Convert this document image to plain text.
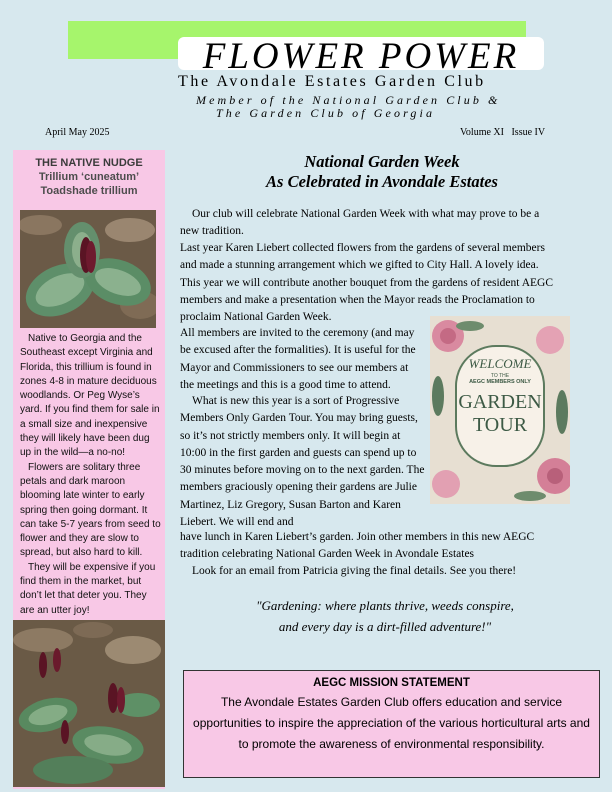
FLOWER POWER
The Avondale Estates Garden Club
Member of the National Garden Club &
The Garden Club of Georgia
April May 2025	Volume XI   Issue IV
THE NATIVE NUDGE
Trillium ‘cuneatum’
Toadshade trillium

Native to Georgia and the Southeast except Virginia and Florida, this trillium is found in zones 4-8 in mature deciduous woodlands. Or Peg Wyse’s yard. If you find them for sale in a small size and inexpensive they will likely have been dug up in the wild—a no-no!

Flowers are solitary three petals and dark maroon blooming late winter to early spring then going dormant. It can take 5-7 years from seed to flower and they are slow to spread, but also hard to kill.

They will be expensive if you find them in the market, but don’t let that deter you. They are an utter joy!

National Garden Week
As Celebrated in Avondale Estates
Our club will celebrate National Garden Week with what may prove to be a new tradition.
Last year Karen Liebert collected flowers from the gardens of several members and made a stunning arrangement which we gifted to City Hall. A lovely idea. This year we will contribute another bouquet from the gardens of resident AEGC members and make a presentation when the Mayor reads the Proclamation to proclaim National Garden Week.
All members are invited to the ceremony (and may be excused after the formalities). It is useful for the Mayor and Commissioners to see our members at the meetings and this is a good time to attend.
What is new this year is a sort of Progressive Members Only Garden Tour. You may bring guests, so it’s not strictly members only. It will begin at 10:00 in the first garden and guests can spend up to 30 minutes before moving on to the next garden. The members graciously opening their gardens are Julie Martinez, Liz Gregory, Susan Barton and Karen Liebert. We will end and
have lunch in Karen Liebert’s garden. Join other members in this new AEGC tradition celebrating National Garden Week in Avondale Estates
Look for an email from Patricia giving the final details. See you there!
WELCOME
TO THE
AEGC MEMBERS ONLY
GARDEN
TOUR
"Gardening: where plants thrive, weeds conspire,
and every day is a dirt-filled adventure!"
AEGC MISSION STATEMENT
The Avondale Estates Garden Club offers education and service opportunities to inspire the appreciation of the various horticultural arts and to promote the awareness of environmental responsibility.
